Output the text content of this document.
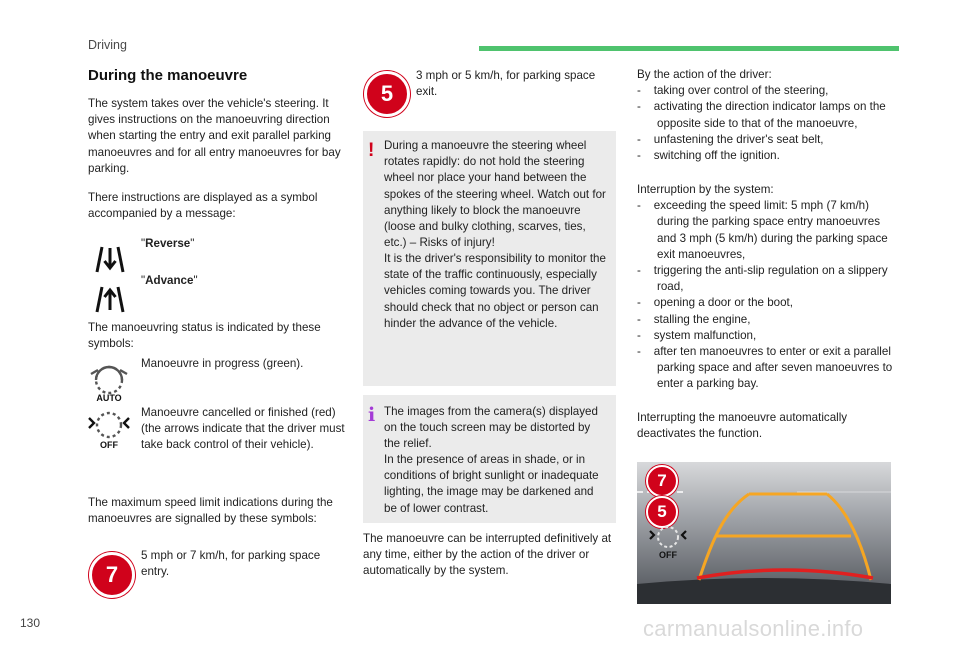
Driving
During the manoeuvre
The system takes over the vehicle's steering. It gives instructions on the manoeuvring direction when starting the entry and exit parallel parking manoeuvres and for all entry manoeuvres for bay parking.
There instructions are displayed as a symbol accompanied by a message:
"Reverse"
"Advance"
The manoeuvring status is indicated by these symbols:
AUTO
Manoeuvre in progress (green).
OFF
Manoeuvre cancelled or finished (red) (the arrows indicate that the driver must take back control of their vehicle).
The maximum speed limit indications during the manoeuvres are signalled by these symbols:
7
5 mph or 7 km/h, for parking space entry.
5
3 mph or 5 km/h, for parking space exit.
! During a manoeuvre the steering wheel rotates rapidly: do not hold the steering wheel nor place your hand between the spokes of the steering wheel. Watch out for anything likely to block the manoeuvre (loose and bulky clothing, scarves, ties, etc.) – Risks of injury!
It is the driver's responsibility to monitor the state of the traffic continuously, especially vehicles coming towards you. The driver should check that no object or person can hinder the advance of the vehicle.
i The images from the camera(s) displayed on the touch screen may be distorted by the relief.
In the presence of areas in shade, or in conditions of bright sunlight or inadequate lighting, the image may be darkened and be of lower contrast.
The manoeuvre can be interrupted definitively at any time, either by the action of the driver or automatically by the system.
By the action of the driver:
-    taking over control of the steering,
-    activating the direction indicator lamps on the opposite side to that of the manoeuvre,
-    unfastening the driver's seat belt,
-    switching off the ignition.
Interruption by the system:
-    exceeding the speed limit: 5 mph (7 km/h) during the parking space entry manoeuvres and 3 mph (5 km/h) during the parking space exit manoeuvres,
-    triggering the anti-slip regulation on a slippery road,
-    opening a door or the boot,
-    stalling the engine,
-    system malfunction,
-    after ten manoeuvres to enter or exit a parallel parking space and after seven manoeuvres to enter a parking bay.
Interrupting the manoeuvre automatically deactivates the function.
7
5
OFF
130	carmanualsonline.info
